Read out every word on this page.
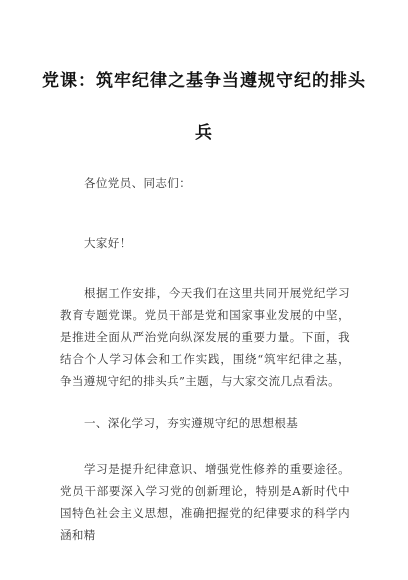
党课：筑牢纪律之基争当遵规守纪的排头
兵

各位党员、同志们：

大家好！

根据工作安排，今天我们在这里共同开展党纪学习教育专题党课。党员干部是党和国家事业发展的中坚，是推进全面从严治党向纵深发展的重要力量。下面，我结合个人学习体会和工作实践，围绕“筑牢纪律之基，争当遵规守纪的排头兵”主题，与大家交流几点看法。

一、深化学习，夯实遵规守纪的思想根基

学习是提升纪律意识、增强党性修养的重要途径。党员干部要深入学习党的创新理论，特别是A新时代中国特色社会主义思想，准确把握党的纪律要求的科学内涵和精
